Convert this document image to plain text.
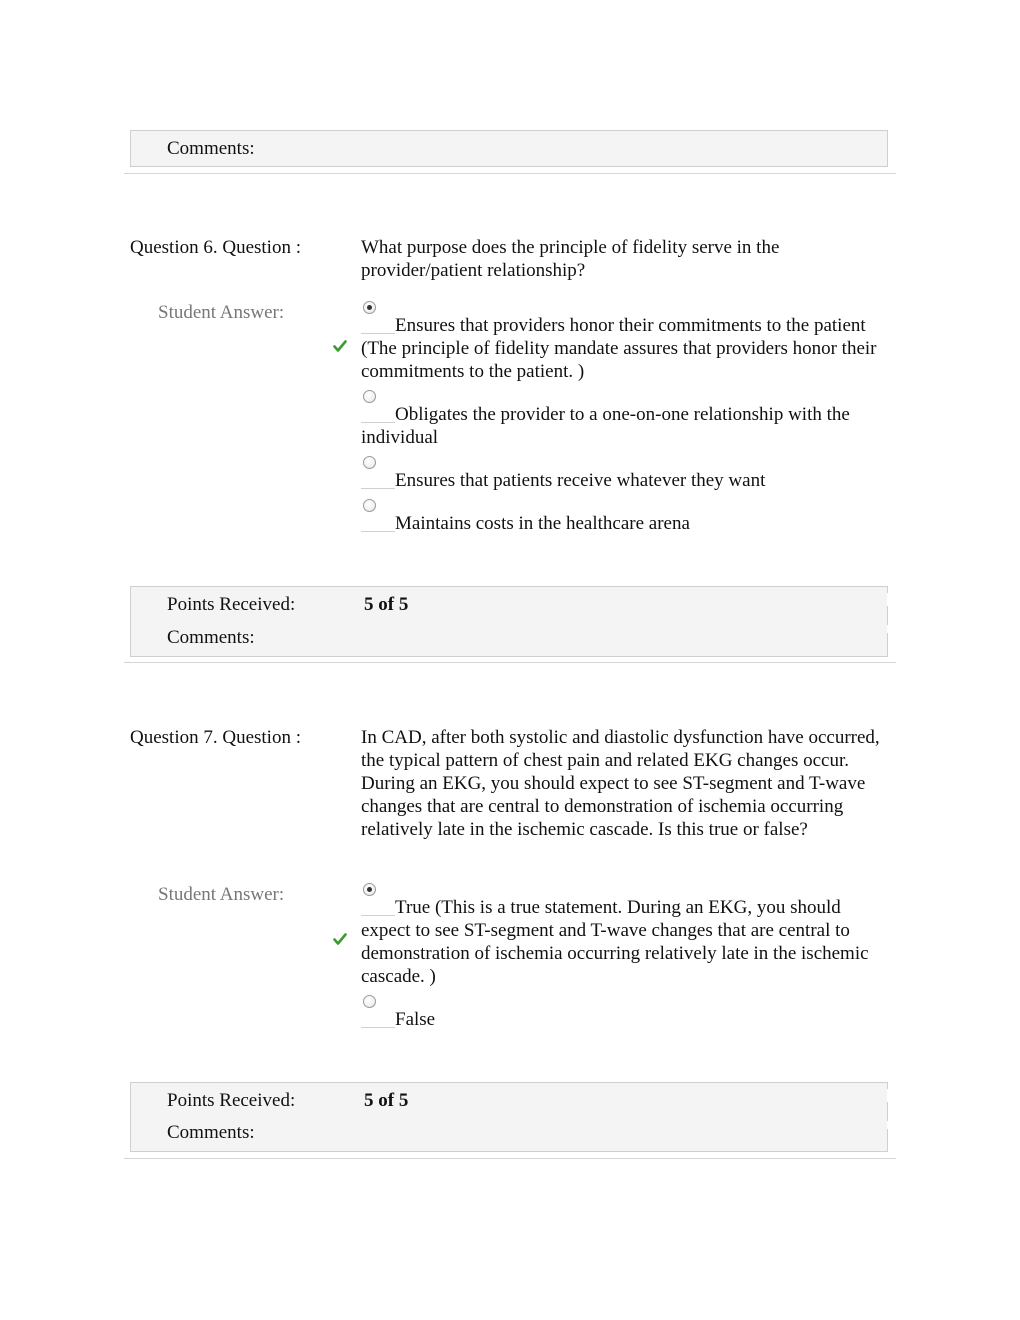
Comments:
Question 6. Question :	What purpose does the principle of fidelity serve in the provider/patient relationship?
Student Answer:
Ensures that providers honor their commitments to the patient (The principle of fidelity mandate assures that providers honor their commitments to the patient. )
Obligates the provider to a one-on-one relationship with the individual
Ensures that patients receive whatever they want
Maintains costs in the healthcare arena
Points Received:	5 of 5
Comments:
Question 7. Question :	In CAD, after both systolic and diastolic dysfunction have occurred, the typical pattern of chest pain and related EKG changes occur. During an EKG, you should expect to see ST-segment and T-wave changes that are central to demonstration of ischemia occurring relatively late in the ischemic cascade. Is this true or false?
Student Answer:
True (This is a true statement. During an EKG, you should expect to see ST-segment and T-wave changes that are central to demonstration of ischemia occurring relatively late in the ischemic cascade. )
False
Points Received:	5 of 5
Comments:
